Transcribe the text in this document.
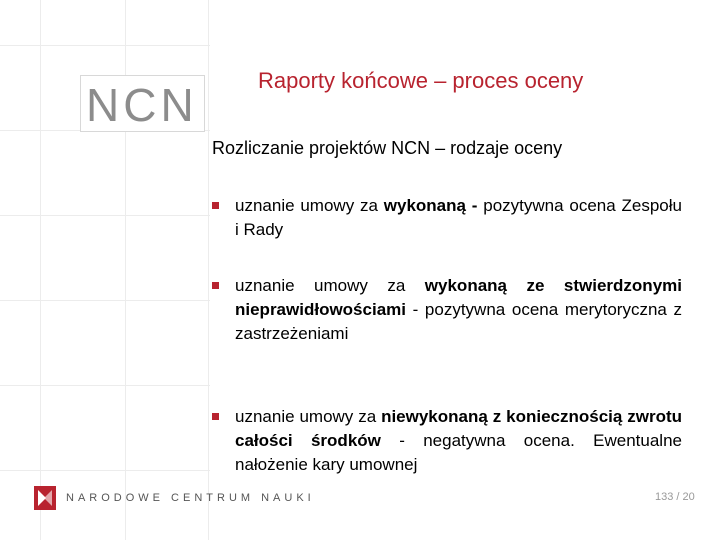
NCN	Raporty końcowe – proces oceny
Rozliczanie projektów NCN – rodzaje oceny
uznanie umowy za wykonaną - pozytywna ocena Zespołu i Rady
uznanie umowy za wykonaną ze stwierdzonymi nieprawidłowościami - pozytywna ocena merytoryczna z zastrzeżeniami
uznanie umowy za niewykonaną z koniecznością zwrotu całości środków - negatywna ocena. Ewentualne nałożenie kary umownej
NARODOWE CENTRUM NAUKI	133 / 20
